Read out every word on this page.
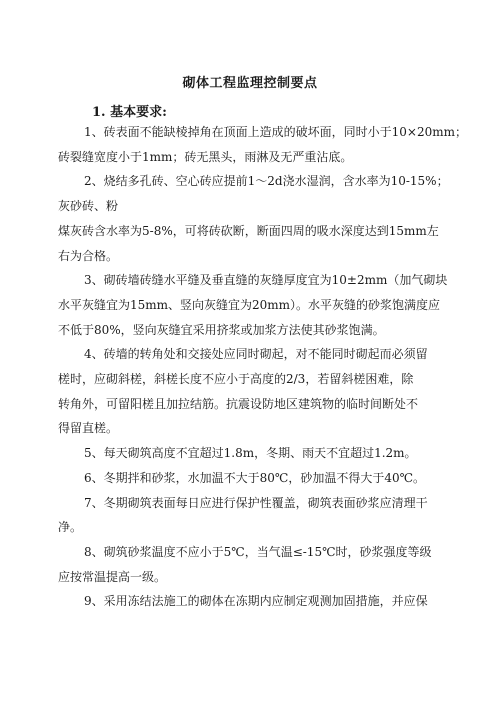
砌体工程监理控制要点
1. 基本要求:
1、砖表面不能缺棱掉角在顶面上造成的破坏面，同时小于10×20mm；
砖裂缝宽度小于1mm；砖无黑头，雨淋及无严重沾底。
2、烧结多孔砖、空心砖应提前1～2d浇水湿润，含水率为10-15%；
灰砂砖、粉
煤灰砖含水率为5-8%，可将砖砍断，断面四周的吸水深度达到15mm左
右为合格。
3、砌砖墙砖缝水平缝及垂直缝的灰缝厚度宜为10±2mm（加气砌块
水平灰缝宜为15mm、竖向灰缝宜为20mm）。水平灰缝的砂浆饱满度应
不低于80%，竖向灰缝宜采用挤浆或加浆方法使其砂浆饱满。
4、砖墙的转角处和交接处应同时砌起，对不能同时砌起而必须留
槎时，应砌斜槎，斜槎长度不应小于高度的2/3，若留斜槎困难，除
转角外，可留阳槎且加拉结筋。抗震设防地区建筑物的临时间断处不
得留直槎。
5、每天砌筑高度不宜超过1.8m，冬期、雨天不宜超过1.2m。
6、冬期拌和砂浆，水加温不大于80℃，砂加温不得大于40℃。
7、冬期砌筑表面每日应进行保护性覆盖，砌筑表面砂浆应清理干
净。
8、砌筑砂浆温度不应小于5℃，当气温≤-15℃时，砂浆强度等级
应按常温提高一级。
9、采用冻结法施工的砌体在冻期内应制定观测加固措施，并应保
